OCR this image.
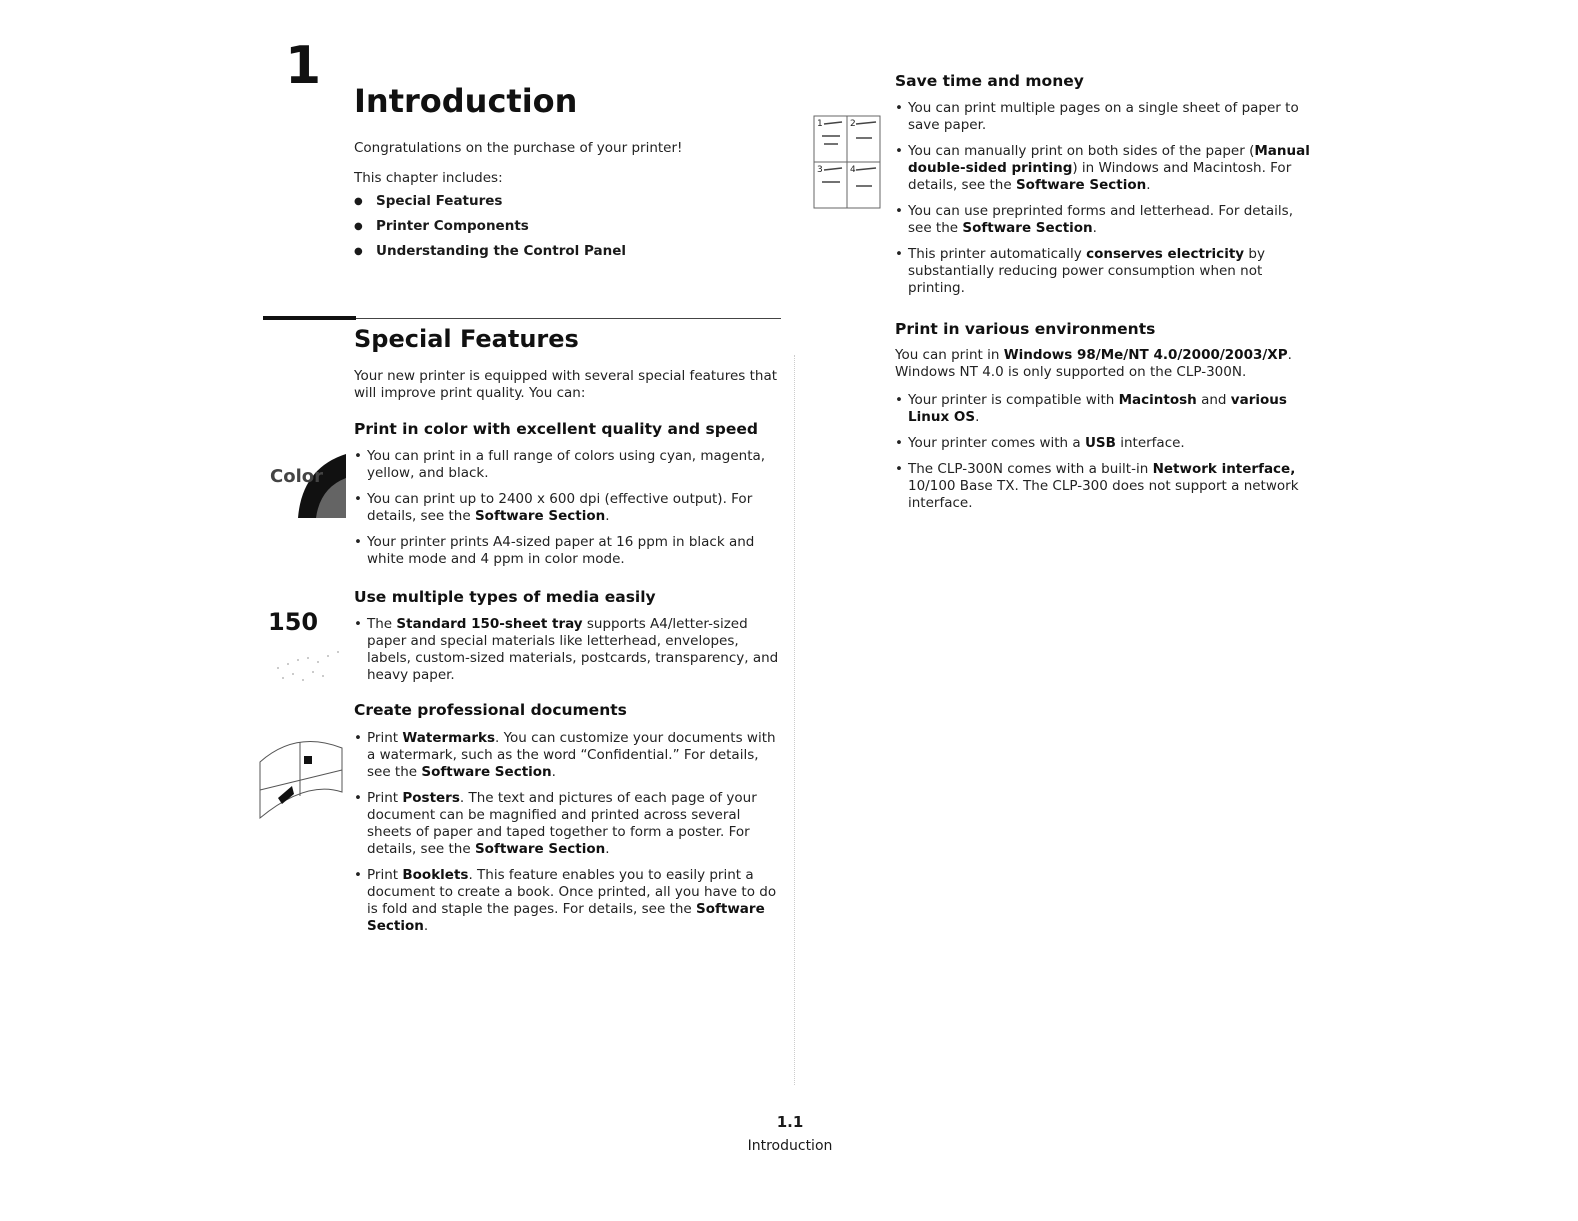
1
Introduction
Congratulations on the purchase of your printer!
This chapter includes:
● Special Features
● Printer Components
● Understanding the Control Panel
Special Features
Your new printer is equipped with several special features that will improve print quality. You can:
Print in color with excellent quality and speed
Color
• You can print in a full range of colors using cyan, magenta, yellow, and black.
• You can print up to 2400 x 600 dpi (effective output). For details, see the Software Section.
• Your printer prints A4-sized paper at 16 ppm in black and white mode and 4 ppm in color mode.
Use multiple types of media easily
150
•	The Standard 150-sheet tray supports A4/letter-sized paper and special materials like letterhead, envelopes, labels, custom-sized materials, postcards, transparency, and heavy paper.
Create professional documents
• Print Watermarks. You can customize your documents with a watermark, such as the word “Confidential.” For details, see the Software Section.
• Print Posters. The text and pictures of each page of your document can be magnified and printed across several sheets of paper and taped together to form a poster. For details, see the Software Section.
• Print Booklets. This feature enables you to easily print a document to create a book. Once printed, all you have to do is fold and staple the pages. For details, see the Software Section.
Save time and money
1	2
3	4
• You can print multiple pages on a single sheet of paper to save paper.
• You can manually print on both sides of the paper (Manual double-sided printing) in Windows and Macintosh. For details, see the Software Section.
• You can use preprinted forms and letterhead. For details, see the Software Section.
• This printer automatically conserves electricity by substantially reducing power consumption when not printing.
Print in various environments
You can print in Windows 98/Me/NT 4.0/2000/2003/XP. Windows NT 4.0 is only supported on the CLP-300N.
• Your printer is compatible with Macintosh and various Linux OS.
• Your printer comes with a USB interface.
• The CLP-300N comes with a built-in Network interface, 10/100 Base TX. The CLP-300 does not support a network interface.
1.1
Introduction
